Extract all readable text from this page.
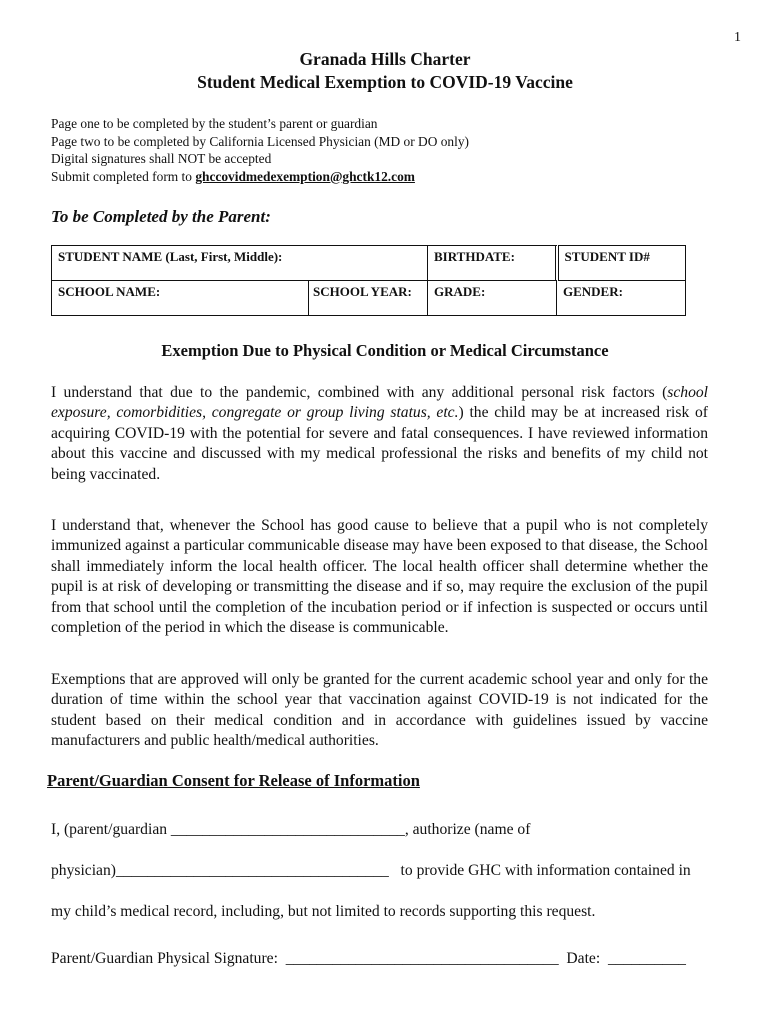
1
Granada Hills Charter
Student Medical Exemption to COVID-19 Vaccine
Page one to be completed by the student’s parent or guardian
Page two to be completed by California Licensed Physician (MD or DO only)
Digital signatures shall NOT be accepted
Submit completed form to ghccovidmedexemption@ghctk12.com
To be Completed by the Parent:
STUDENT NAME (Last, First, Middle):		BIRTHDATE:	STUDENT ID#
SCHOOL NAME:	SCHOOL YEAR:	GRADE:	GENDER:
Exemption Due to Physical Condition or Medical Circumstance
I understand that due to the pandemic, combined with any additional personal risk factors (school exposure, comorbidities, congregate or group living status, etc.) the child may be at increased risk of acquiring COVID-19 with the potential for severe and fatal consequences. I have reviewed information about this vaccine and discussed with my medical professional the risks and benefits of my child not being vaccinated.
I understand that, whenever the School has good cause to believe that a pupil who is not completely immunized against a particular communicable disease may have been exposed to that disease, the School shall immediately inform the local health officer. The local health officer shall determine whether the pupil is at risk of developing or transmitting the disease and if so, may require the exclusion of the pupil from that school until the completion of the incubation period or if infection is suspected or occurs until completion of the period in which the disease is communicable.
Exemptions that are approved will only be granted for the current academic school year and only for the duration of time within the school year that vaccination against COVID-19 is not indicated for the student based on their medical condition and in accordance with guidelines issued by vaccine manufacturers and public health/medical authorities.
Parent/Guardian Consent for Release of Information
I, (parent/guardian ______________________________, authorize (name of
physician)___________________________________   to provide GHC with information contained in
my child’s medical record, including, but not limited to records supporting this request.
Parent/Guardian Physical Signature:  ___________________________________  Date:  __________
